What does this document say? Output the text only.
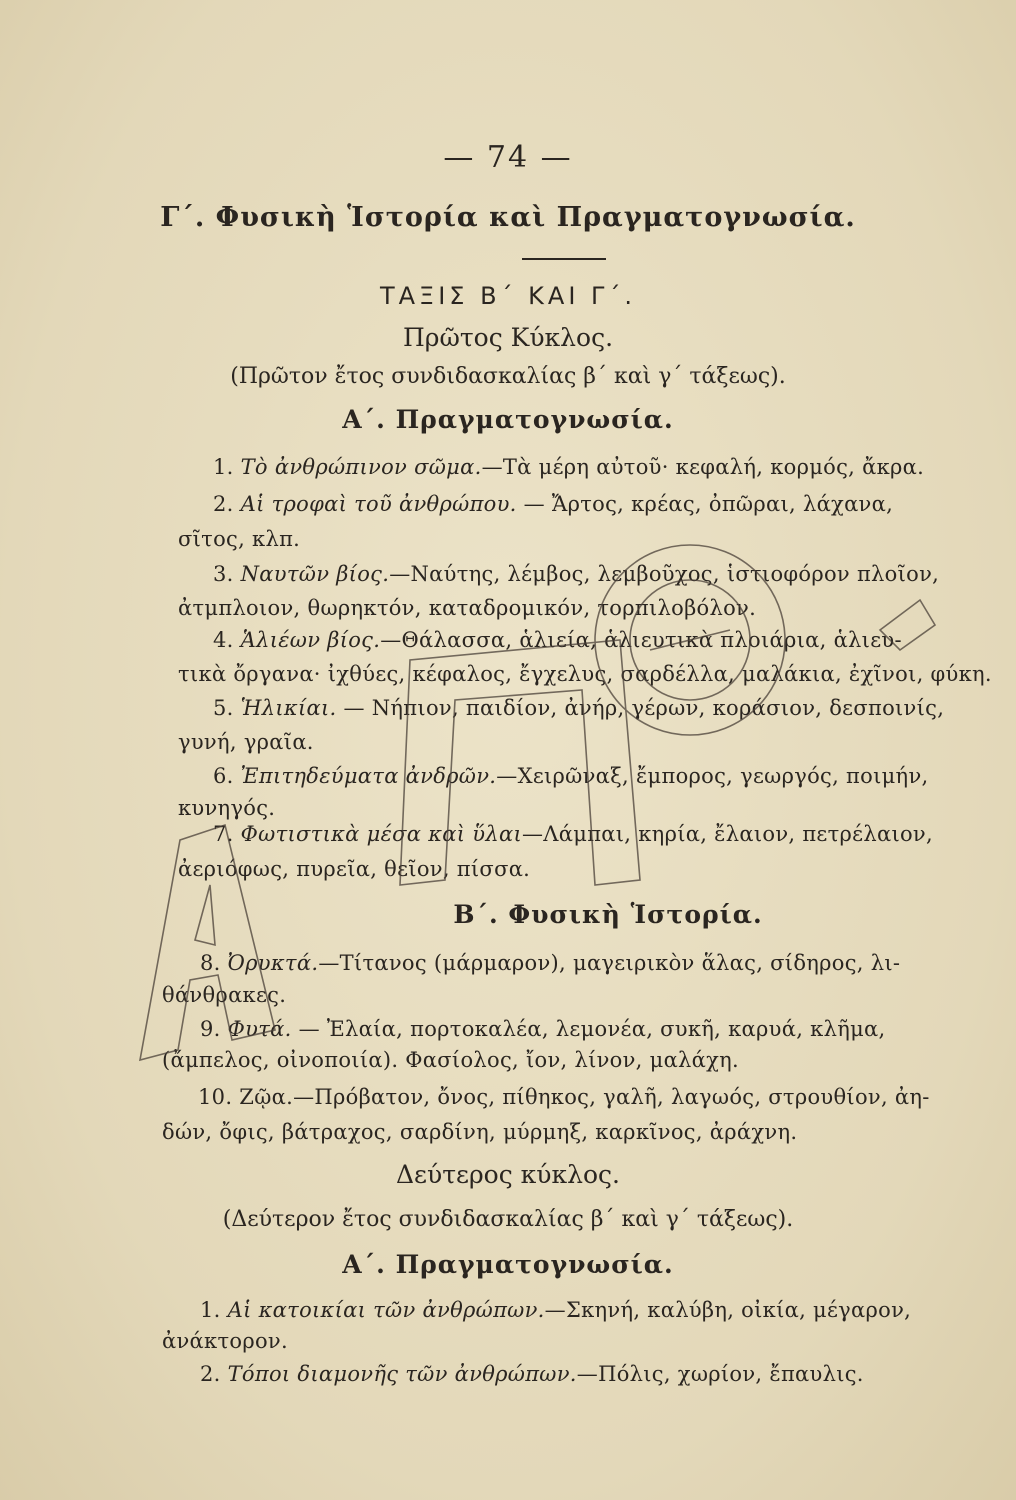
— 74 —
Γ΄. Φυσικὴ Ἱστορία καὶ Πραγματογνωσία.
ΤΑΞΙΣ Β΄ ΚΑΙ Γ΄.
Πρῶτος Κύκλος.
(Πρῶτον ἔτος συνδιδασκαλίας β΄ καὶ γ΄ τάξεως).
Α΄. Πραγματογνωσία.
1. Τὸ ἀνθρώπινον σῶμα.—Τὰ μέρη αὐτοῦ· κεφαλή, κορμός, ἄκρα.
2. Αἱ τροφαὶ τοῦ ἀνθρώπου. — Ἄρτος, κρέας, ὀπῶραι, λάχανα,
σῖτος, κλπ.
3. Ναυτῶν βίος.—Ναύτης, λέμβος, λεμβοῦχος, ἱστιοφόρον πλοῖον,
ἀτμπλοιον, θωρηκτόν, καταδρομικόν, τορπιλοβόλον.
4. Ἁλιέων βίος.—Θάλασσα, ἁλιεία, ἁλιευτικὰ πλοιάρια, ἁλιευ-
τικὰ ὄργανα· ἰχθύες, κέφαλος, ἔγχελυς, σαρδέλλα, μαλάκια, ἐχῖνοι, φύκη.
5. Ἡλικίαι. — Νήπιον, παιδίον, ἀνήρ, γέρων, κοράσιον, δεσποινίς,
γυνή, γραῖα.
6. Ἐπιτηδεύματα ἀνδρῶν.—Χειρῶναξ, ἔμπορος, γεωργός, ποιμήν,
κυνηγός.
7. Φωτιστικὰ μέσα καὶ ὕλαι—Λάμπαι, κηρία, ἔλαιον, πετρέλαιον,
ἀεριόφως, πυρεῖα, θεῖον, πίσσα.
Β΄. Φυσικὴ Ἱστορία.
8. Ὀρυκτά.—Τίτανος (μάρμαρον), μαγειρικὸν ἅλας, σίδηρος, λι-
θάνθρακες.
9. Φυτά. — Ἐλαία, πορτοκαλέα, λεμονέα, συκῆ, καρυά, κλῆμα,
(ἄμπελος, οἰνοποιία). Φασίολος, ἴον, λίνον, μαλάχη.
10. Ζῷα.—Πρόβατον, ὄνος, πίθηκος, γαλῆ, λαγωός, στρουθίον, ἀη-
δών, ὄφις, βάτραχος, σαρδίνη, μύρμηξ, καρκῖνος, ἀράχνη.
Δεύτερος κύκλος.
(Δεύτερον ἔτος συνδιδασκαλίας β΄ καὶ γ΄ τάξεως).
Α΄. Πραγματογνωσία.
1. Αἱ κατοικίαι τῶν ἀνθρώπων.—Σκηνή, καλύβη, οἰκία, μέγαρον,
ἀνάκτορον.
2. Τόποι διαμονῆς τῶν ἀνθρώπων.—Πόλις, χωρίον, ἔπαυλις.
